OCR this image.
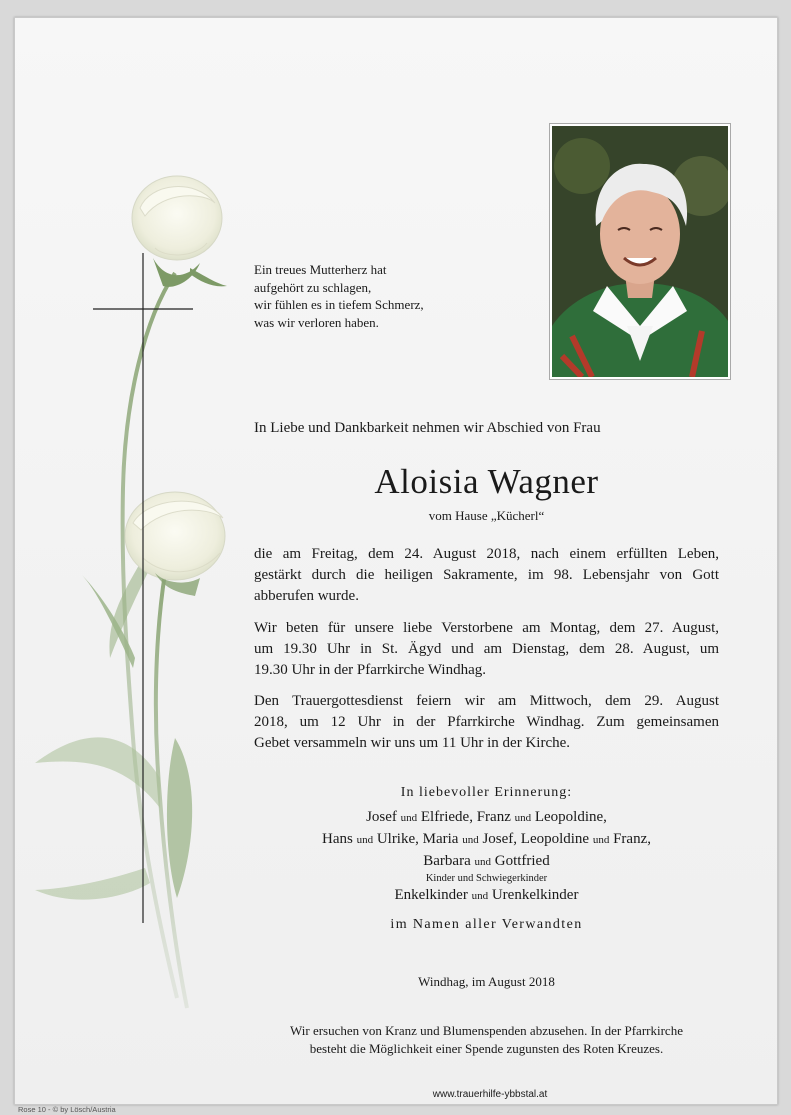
Ein treues Mutterherz hat
aufgehört zu schlagen,
wir fühlen es in tiefem Schmerz,
was wir verloren haben.
In Liebe und Dankbarkeit nehmen wir Abschied von Frau
Aloisia Wagner
vom Hause „Kücherl“
die am Freitag, dem 24. August 2018, nach einem erfüllten Leben,
gestärkt durch die heiligen Sakramente, im 98. Lebensjahr von Gott
abberufen wurde.
Wir beten für unsere liebe Verstorbene am Montag, dem 27. August,
um 19.30 Uhr in St. Ägyd und am Dienstag, dem 28. August, um
19.30 Uhr in der Pfarrkirche Windhag.
Den Trauergottesdienst feiern wir am Mittwoch, dem 29. August
2018, um 12 Uhr in der Pfarrkirche Windhag. Zum gemeinsamen
Gebet versammeln wir uns um 11 Uhr in der Kirche.
In liebevoller Erinnerung:
Josef und Elfriede, Franz und Leopoldine,
Hans und Ulrike, Maria und Josef, Leopoldine und Franz,
Barbara und Gottfried
Kinder und Schwiegerkinder
Enkelkinder und Urenkelkinder
im Namen aller Verwandten
Windhag, im August 2018
Wir ersuchen von Kranz und Blumenspenden abzusehen. In der Pfarrkirche
besteht die Möglichkeit einer Spende zugunsten des Roten Kreuzes.
www.trauerhilfe-ybbstal.at
Rose 10 - © by Lösch/Austria
